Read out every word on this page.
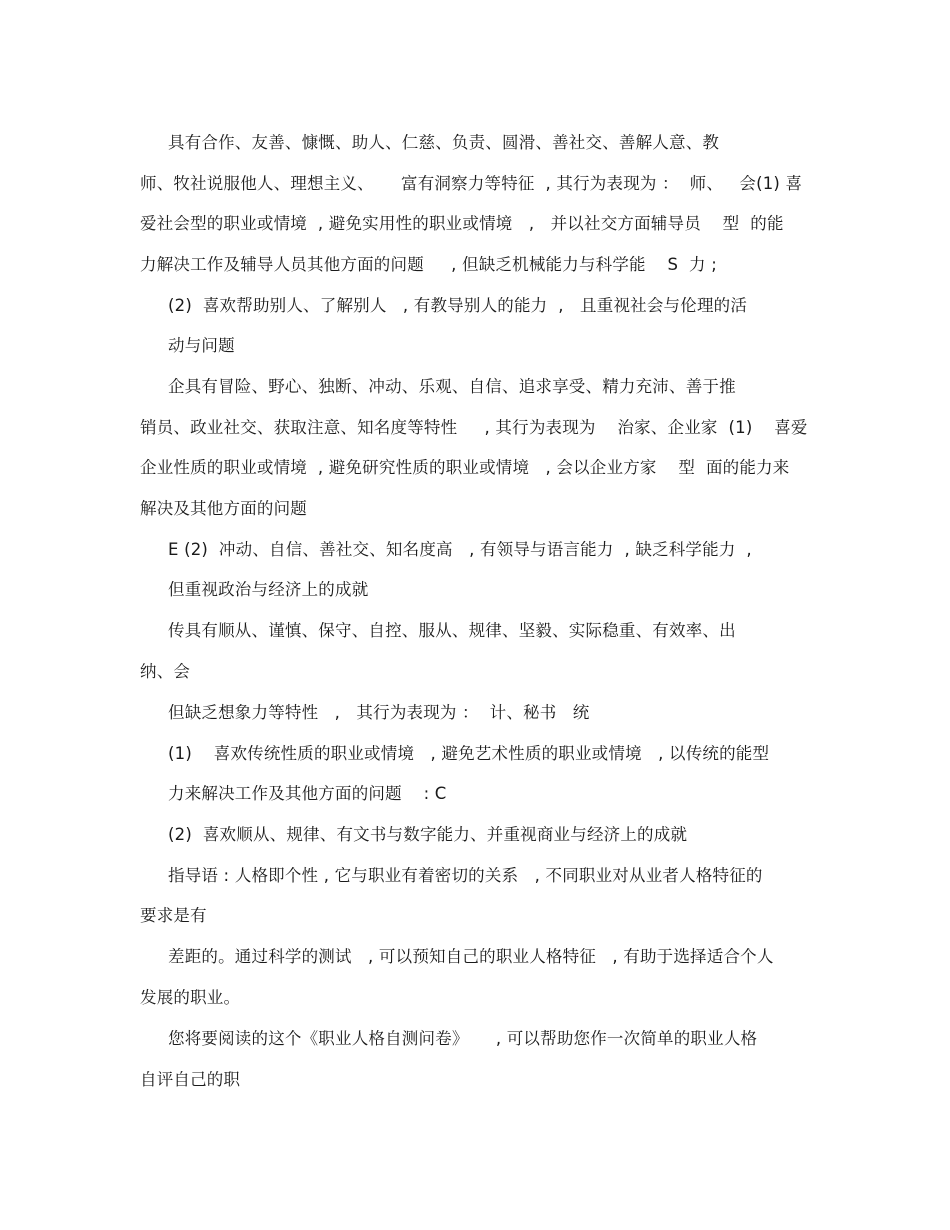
具有合作、友善、慷慨、助人、仁慈、负责、圆滑、善社交、善解人意、教
师、牧社说服他人、理想主义、     富有洞察力等特征  , 其行为表现为 ：  师、   会(1) 喜
爱社会型的职业或情境  , 避免实用性的职业或情境   ,   并以社交方面辅导员    型  的能
力解决工作及辅导人员其他方面的问题     , 但缺乏机械能力与科学能    S  力 ;
(2)  喜欢帮助别人、了解别人   , 有教导别人的能力  ,   且重视社会与伦理的活
动与问题
企具有冒险、野心、独断、冲动、乐观、自信、追求享受、精力充沛、善于推
销员、政业社交、获取注意、知名度等特性     , 其行为表现为    治家、企业家  (1)    喜爱
企业性质的职业或情境  , 避免研究性质的职业或情境   , 会以企业方家    型  面的能力来
解决及其他方面的问题
E (2)  冲动、自信、善社交、知名度高   , 有领导与语言能力  , 缺乏科学能力  ,
但重视政治与经济上的成就
传具有顺从、谨慎、保守、自控、服从、规律、坚毅、实际稳重、有效率、出
纳、会
但缺乏想象力等特性   ,   其行为表现为 ：  计、秘书   统
(1)    喜欢传统性质的职业或情境   , 避免艺术性质的职业或情境   , 以传统的能型
力来解决工作及其他方面的问题    : C
(2)  喜欢顺从、规律、有文书与数字能力、并重视商业与经济上的成就
指导语 : 人格即个性 , 它与职业有着密切的关系   , 不同职业对从业者人格特征的
要求是有
差距的。通过科学的测试   , 可以预知自己的职业人格特征   , 有助于选择适合个人
发展的职业。
您将要阅读的这个《职业人格自测问卷》     , 可以帮助您作一次简单的职业人格
自评自己的职
